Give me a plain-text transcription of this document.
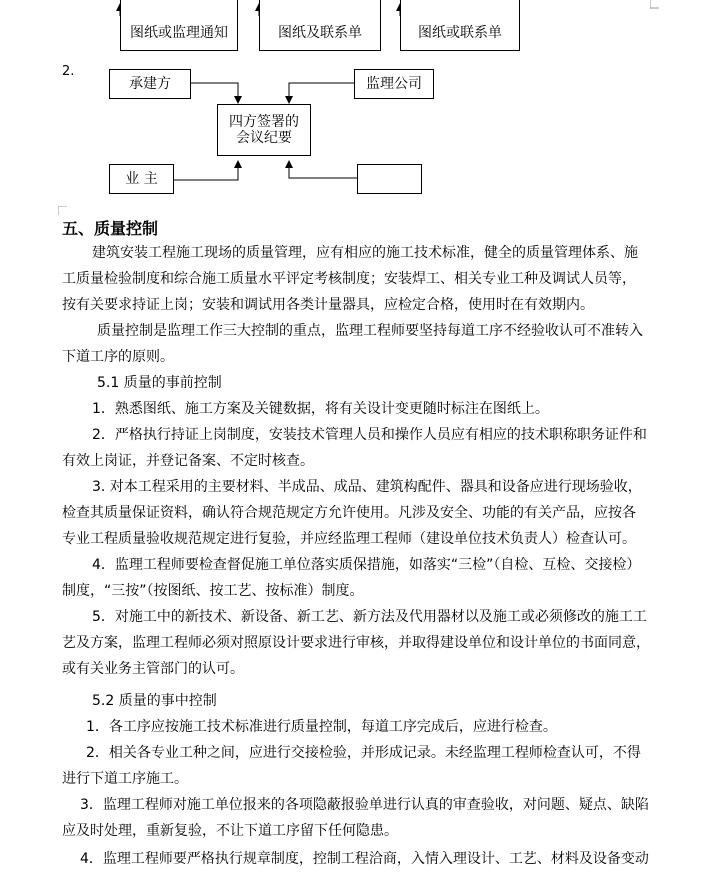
图纸或监理通知	图纸及联系单	图纸或联系单
2.
承建方	监理公司
四方签署的
会议纪要
业 主
五、质量控制
建筑安装工程施工现场的质量管理，应有相应的施工技术标准，健全的质量管理体系、施
工质量检验制度和综合施工质量水平评定考核制度；安装焊工、相关专业工种及调试人员等，
按有关要求持证上岗；安装和调试用各类计量器具，应检定合格，使用时在有效期内。
质量控制是监理工作三大控制的重点，监理工程师要坚持每道工序不经验收认可不准转入
下道工序的原则。
5.1 质量的事前控制
1．熟悉图纸、施工方案及关键数据，将有关设计变更随时标注在图纸上。
2．严格执行持证上岗制度，安装技术管理人员和操作人员应有相应的技术职称职务证件和
有效上岗证，并登记备案、不定时核查。
3. 对本工程采用的主要材料、半成品、成品、建筑构配件、器具和设备应进行现场验收，
检查其质量保证资料，确认符合规范规定方允许使用。凡涉及安全、功能的有关产品，应按各
专业工程质量验收规范规定进行复验，并应经监理工程师（建设单位技术负责人）检查认可。
4．监理工程师要检查督促施工单位落实质保措施，如落实“三检”（自检、互检、交接检）
制度，“三按”（按图纸、按工艺、按标准）制度。
5．对施工中的新技术、新设备、新工艺、新方法及代用器材以及施工或必须修改的施工工
艺及方案，监理工程师必须对照原设计要求进行审核，并取得建设单位和设计单位的书面同意，
或有关业务主管部门的认可。
5.2 质量的事中控制
1．各工序应按施工技术标准进行质量控制，每道工序完成后，应进行检查。
2．相关各专业工种之间，应进行交接检验，并形成记录。未经监理工程师检查认可，不得
进行下道工序施工。
3．监理工程师对施工单位报来的各项隐蔽报验单进行认真的审查验收，对问题、疑点、缺陷
应及时处理，重新复验，不让下道工序留下任何隐患。
4．监理工程师要严格执行规章制度，控制工程洽商，入情入理设计、工艺、材料及设备变动
